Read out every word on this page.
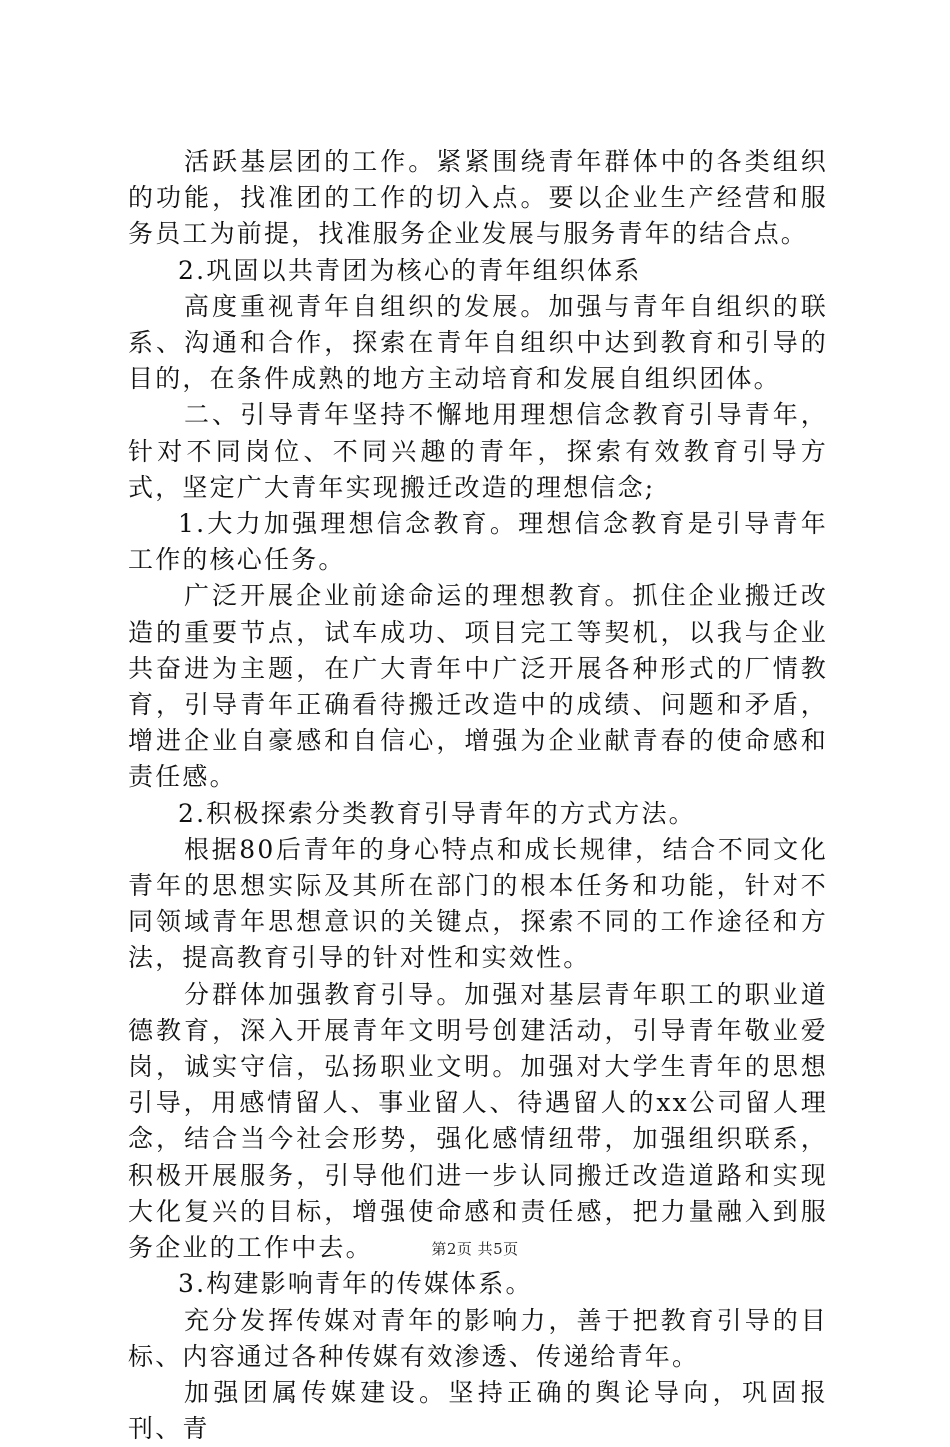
活跃基层团的工作。紧紧围绕青年群体中的各类组织的功能，找准团的工作的切入点。要以企业生产经营和服务员工为前提，找准服务企业发展与服务青年的结合点。

2.巩固以共青团为核心的青年组织体系

高度重视青年自组织的发展。加强与青年自组织的联系、沟通和合作，探索在青年自组织中达到教育和引导的目的，在条件成熟的地方主动培育和发展自组织团体。

二、引导青年坚持不懈地用理想信念教育引导青年，针对不同岗位、不同兴趣的青年，探索有效教育引导方式，坚定广大青年实现搬迁改造的理想信念;

1.大力加强理想信念教育。理想信念教育是引导青年工作的核心任务。

广泛开展企业前途命运的理想教育。抓住企业搬迁改造的重要节点，试车成功、项目完工等契机，以我与企业共奋进为主题，在广大青年中广泛开展各种形式的厂情教育，引导青年正确看待搬迁改造中的成绩、问题和矛盾，增进企业自豪感和自信心，增强为企业献青春的使命感和责任感。

2.积极探索分类教育引导青年的方式方法。

根据80后青年的身心特点和成长规律，结合不同文化青年的思想实际及其所在部门的根本任务和功能，针对不同领域青年思想意识的关键点，探索不同的工作途径和方法，提高教育引导的针对性和实效性。

分群体加强教育引导。加强对基层青年职工的职业道德教育，深入开展青年文明号创建活动，引导青年敬业爱岗，诚实守信，弘扬职业文明。加强对大学生青年的思想引导，用感情留人、事业留人、待遇留人的xx公司留人理念，结合当今社会形势，强化感情纽带，加强组织联系，积极开展服务，引导他们进一步认同搬迁改造道路和实现大化复兴的目标，增强使命感和责任感，把力量融入到服务企业的工作中去。

3.构建影响青年的传媒体系。

充分发挥传媒对青年的影响力，善于把教育引导的目标、内容通过各种传媒有效渗透、传递给青年。

加强团属传媒建设。坚持正确的舆论导向，巩固报刊、青

第2页 共5页
